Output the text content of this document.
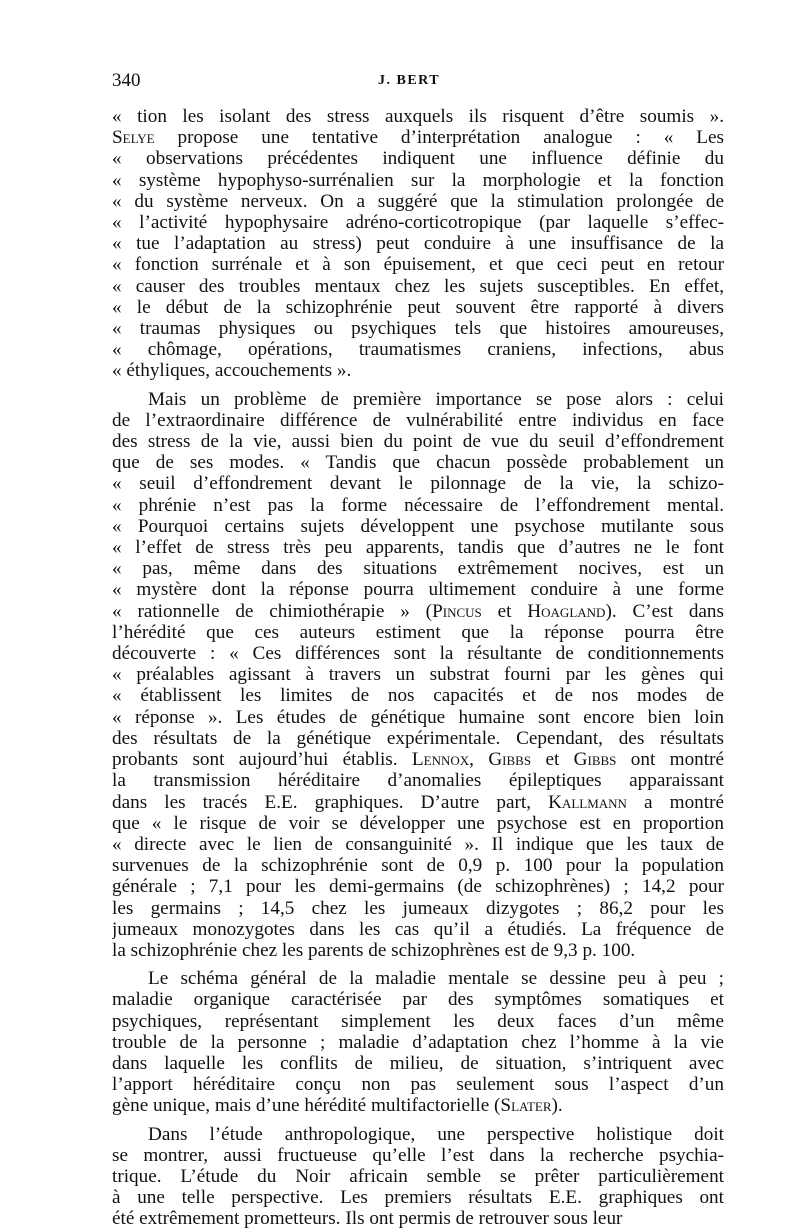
340	J. BERT

« tion les isolant des stress auxquels ils risquent d’être soumis ».
Selye propose une tentative d’interprétation analogue : « Les
« observations précédentes indiquent une influence définie du
« système hypophyso-surrénalien sur la morphologie et la fonction
« du système nerveux. On a suggéré que la stimulation prolongée de
« l’activité hypophysaire adréno-corticotropique (par laquelle s’effec-
« tue l’adaptation au stress) peut conduire à une insuffisance de la
« fonction surrénale et à son épuisement, et que ceci peut en retour
« causer des troubles mentaux chez les sujets susceptibles. En effet,
« le début de la schizophrénie peut souvent être rapporté à divers
« traumas physiques ou psychiques tels que histoires amoureuses,
« chômage, opérations, traumatismes craniens, infections, abus
« éthyliques, accouchements ».

Mais un problème de première importance se pose alors : celui
de l’extraordinaire différence de vulnérabilité entre individus en face
des stress de la vie, aussi bien du point de vue du seuil d’effondrement
que de ses modes. « Tandis que chacun possède probablement un
« seuil d’effondrement devant le pilonnage de la vie, la schizo-
« phrénie n’est pas la forme nécessaire de l’effondrement mental.
« Pourquoi certains sujets développent une psychose mutilante sous
« l’effet de stress très peu apparents, tandis que d’autres ne le font
« pas, même dans des situations extrêmement nocives, est un
« mystère dont la réponse pourra ultimement conduire à une forme
« rationnelle de chimiothérapie » (Pincus et Hoagland). C’est dans
l’hérédité que ces auteurs estiment que la réponse pourra être
découverte : « Ces différences sont la résultante de conditionnements
« préalables agissant à travers un substrat fourni par les gènes qui
« établissent les limites de nos capacités et de nos modes de
« réponse ». Les études de génétique humaine sont encore bien loin
des résultats de la génétique expérimentale. Cependant, des résultats
probants sont aujourd’hui établis. Lennox, Gibbs et Gibbs ont montré
la transmission héréditaire d’anomalies épileptiques apparaissant
dans les tracés E.E. graphiques. D’autre part, Kallmann a montré
que « le risque de voir se développer une psychose est en proportion
« directe avec le lien de consanguinité ». Il indique que les taux de
survenues de la schizophrénie sont de 0,9 p. 100 pour la population
générale ; 7,1 pour les demi-germains (de schizophrènes) ; 14,2 pour
les germains ; 14,5 chez les jumeaux dizygotes ; 86,2 pour les
jumeaux monozygotes dans les cas qu’il a étudiés. La fréquence de
la schizophrénie chez les parents de schizophrènes est de 9,3 p. 100.

Le schéma général de la maladie mentale se dessine peu à peu ;
maladie organique caractérisée par des symptômes somatiques et
psychiques, représentant simplement les deux faces d’un même
trouble de la personne ; maladie d’adaptation chez l’homme à la vie
dans laquelle les conflits de milieu, de situation, s’intriquent avec
l’apport héréditaire conçu non pas seulement sous l’aspect d’un
gène unique, mais d’une hérédité multifactorielle (Slater).

Dans l’étude anthropologique, une perspective holistique doit
se montrer, aussi fructueuse qu’elle l’est dans la recherche psychia-
trique. L’étude du Noir africain semble se prêter particulièrement
à une telle perspective. Les premiers résultats E.E. graphiques ont
été extrêmement prometteurs. Ils ont permis de retrouver sous leur
